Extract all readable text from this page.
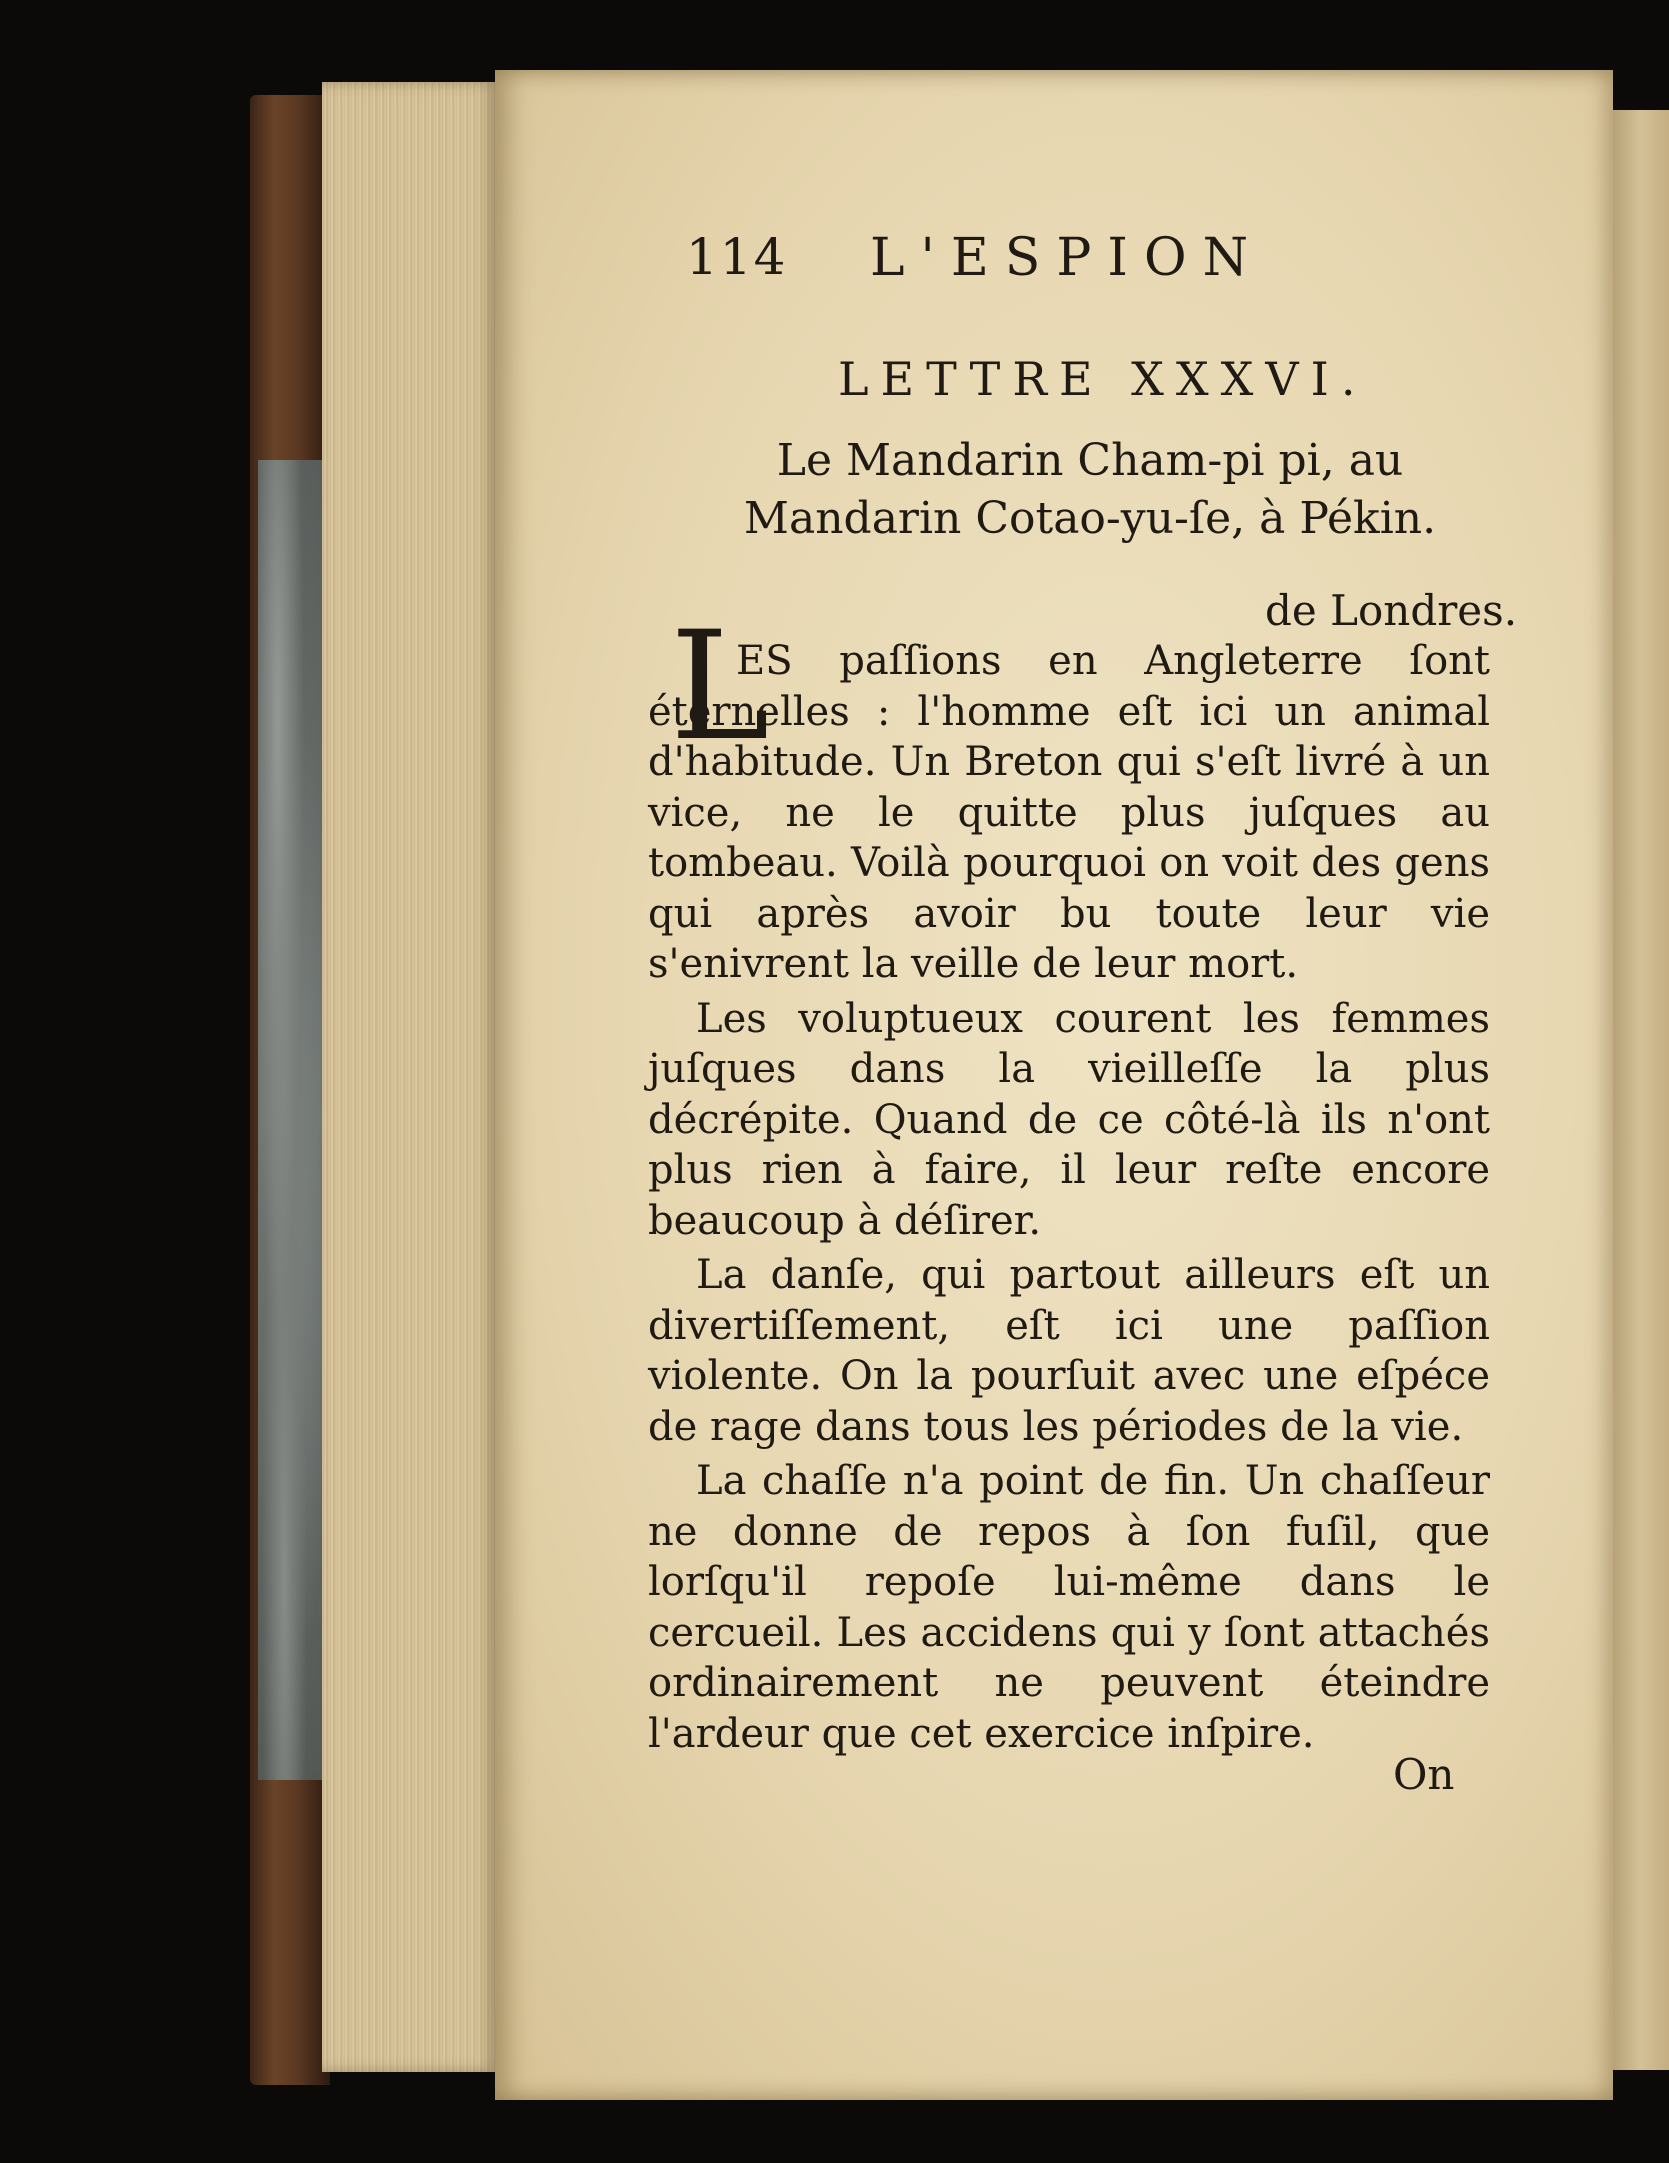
114 L'ESPION
LETTRE XXXVI.
Le Mandarin Cham-pi pi, au Mandarin Cotao-yu-ſe, à Pékin.
de Londres.
L

ES paſſions en Angleterre ſont éternelles : l'homme eſt ici un animal d'habitude. Un Breton qui s'eſt livré à un vice, ne le quitte plus juſques au tombeau. Voilà pourquoi on voit des gens qui après avoir bu toute leur vie s'enivrent la veille de leur mort.

Les voluptueux courent les femmes juſques dans la vieilleſſe la plus décrépite. Quand de ce côté-là ils n'ont plus rien à faire, il leur reſte encore beaucoup à déſirer.

La danſe, qui partout ailleurs eſt un divertiſſement, eſt ici une paſſion violente. On la pourſuit avec une eſpéce de rage dans tous les périodes de la vie.

La chaſſe n'a point de fin. Un chaſſeur ne donne de repos à ſon fuſil, que lorſqu'il repoſe lui-même dans le cercueil. Les accidens qui y ſont attachés ordinairement ne peuvent éteindre l'ardeur que cet exercice inſpire.

On
